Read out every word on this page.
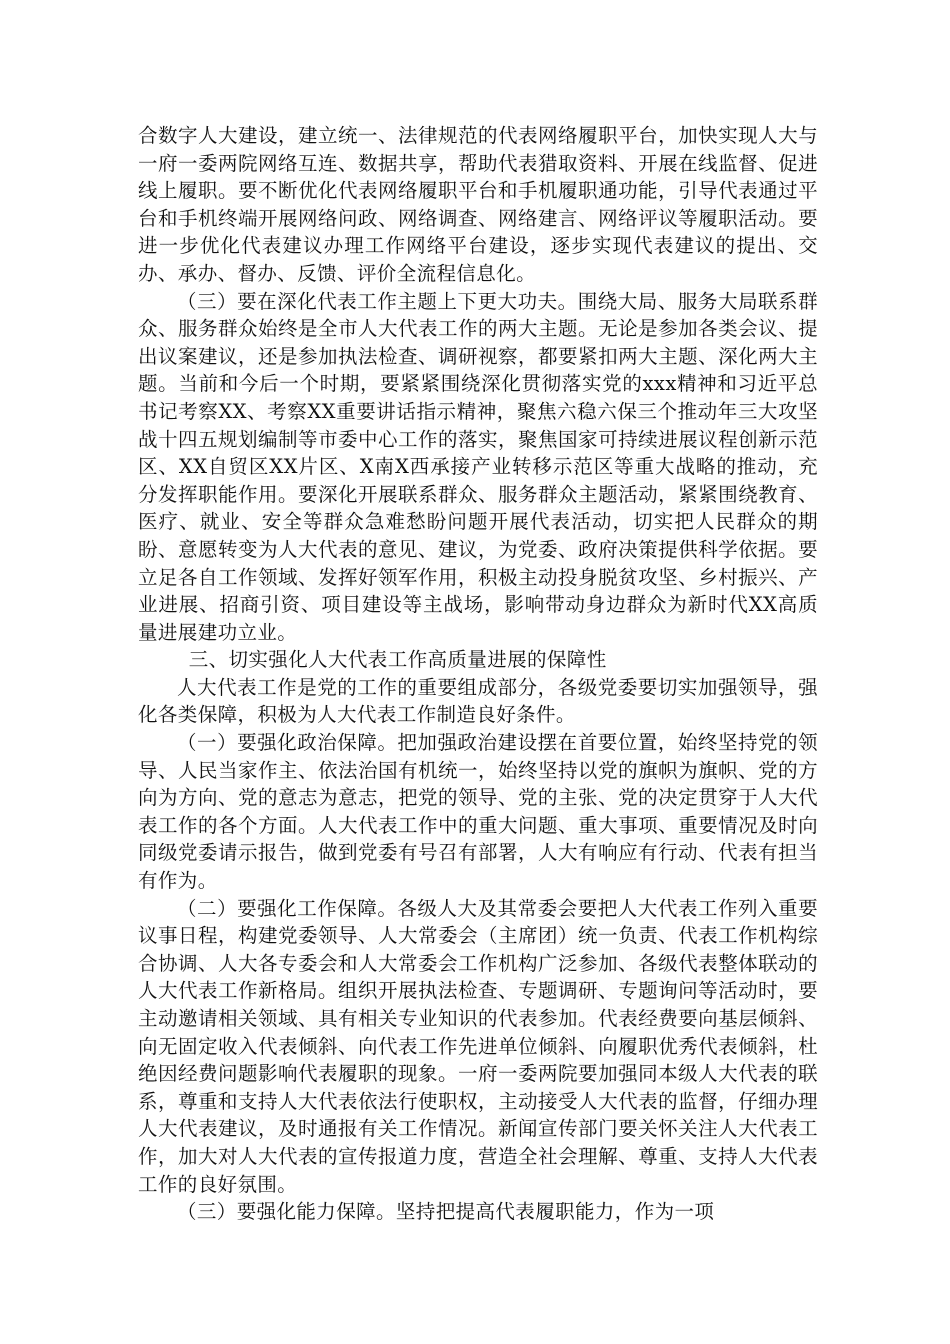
合数字人大建设，建立统一、法律规范的代表网络履职平台，加快实现人大与一府一委两院网络互连、数据共享，帮助代表猎取资料、开展在线监督、促进线上履职。要不断优化代表网络履职平台和手机履职通功能，引导代表通过平台和手机终端开展网络问政、网络调查、网络建言、网络评议等履职活动。要进一步优化代表建议办理工作网络平台建设，逐步实现代表建议的提出、交办、承办、督办、反馈、评价全流程信息化。

（三）要在深化代表工作主题上下更大功夫。围绕大局、服务大局联系群众、服务群众始终是全市人大代表工作的两大主题。无论是参加各类会议、提出议案建议，还是参加执法检查、调研视察，都要紧扣两大主题、深化两大主题。当前和今后一个时期，要紧紧围绕深化贯彻落实党的xxx精神和习近平总书记考察XX、考察XX重要讲话指示精神，聚焦六稳六保三个推动年三大攻坚战十四五规划编制等市委中心工作的落实，聚焦国家可持续进展议程创新示范区、XX自贸区XX片区、X南X西承接产业转移示范区等重大战略的推动，充分发挥职能作用。要深化开展联系群众、服务群众主题活动，紧紧围绕教育、医疗、就业、安全等群众急难愁盼问题开展代表活动，切实把人民群众的期盼、意愿转变为人大代表的意见、建议，为党委、政府决策提供科学依据。要立足各自工作领域、发挥好领军作用，积极主动投身脱贫攻坚、乡村振兴、产业进展、招商引资、项目建设等主战场，影响带动身边群众为新时代XX高质量进展建功立业。

三、切实强化人大代表工作高质量进展的保障性

人大代表工作是党的工作的重要组成部分，各级党委要切实加强领导，强化各类保障，积极为人大代表工作制造良好条件。

（一）要强化政治保障。把加强政治建设摆在首要位置，始终坚持党的领导、人民当家作主、依法治国有机统一，始终坚持以党的旗帜为旗帜、党的方向为方向、党的意志为意志，把党的领导、党的主张、党的决定贯穿于人大代表工作的各个方面。人大代表工作中的重大问题、重大事项、重要情况及时向同级党委请示报告，做到党委有号召有部署，人大有响应有行动、代表有担当有作为。

（二）要强化工作保障。各级人大及其常委会要把人大代表工作列入重要议事日程，构建党委领导、人大常委会（主席团）统一负责、代表工作机构综合协调、人大各专委会和人大常委会工作机构广泛参加、各级代表整体联动的人大代表工作新格局。组织开展执法检查、专题调研、专题询问等活动时，要主动邀请相关领域、具有相关专业知识的代表参加。代表经费要向基层倾斜、向无固定收入代表倾斜、向代表工作先进单位倾斜、向履职优秀代表倾斜，杜绝因经费问题影响代表履职的现象。一府一委两院要加强同本级人大代表的联系，尊重和支持人大代表依法行使职权，主动接受人大代表的监督，仔细办理人大代表建议，及时通报有关工作情况。新闻宣传部门要关怀关注人大代表工作，加大对人大代表的宣传报道力度，营造全社会理解、尊重、支持人大代表工作的良好氛围。

（三）要强化能力保障。坚持把提高代表履职能力，作为一项
